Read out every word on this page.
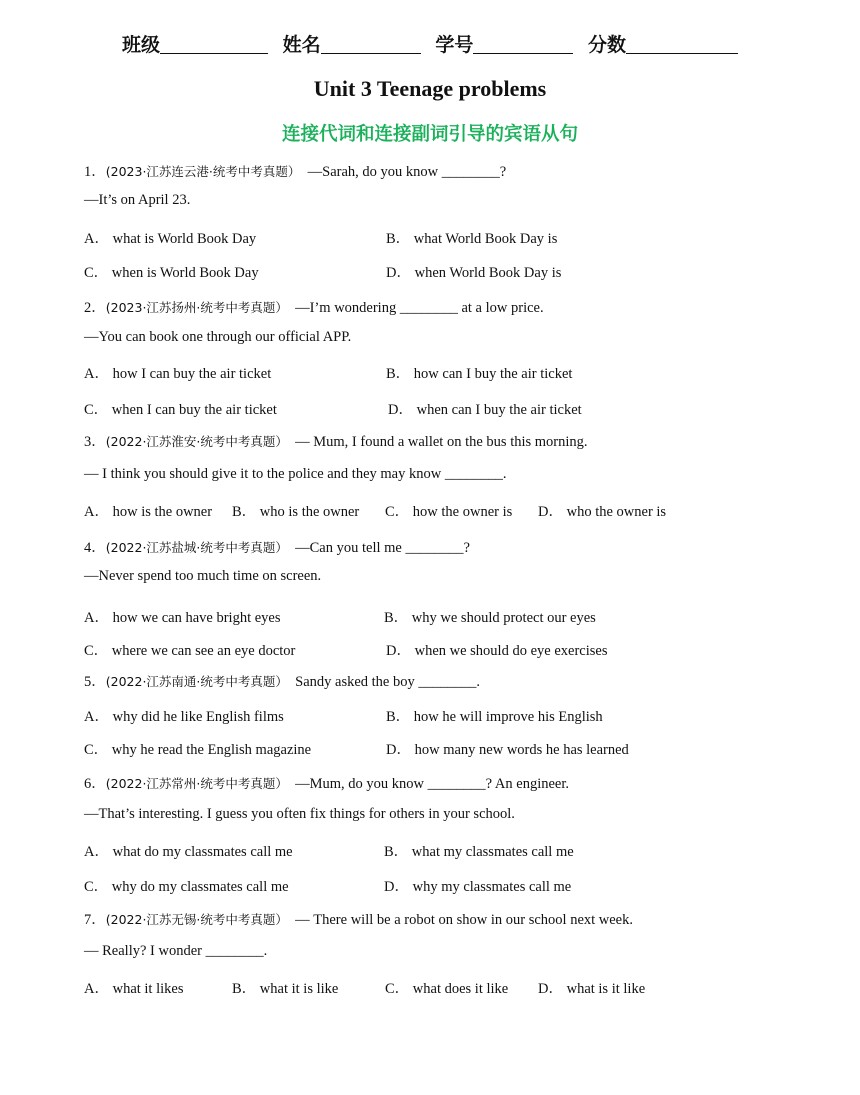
班级	姓名	学号	分数
Unit 3 Teenage problems
连接代词和连接副词引导的宾语从句
1．(2023·江苏连云港·统考中考真题） —Sarah, do you know ________?
—It’s on April 23.
A． what is World Book Day	B． what World Book Day is
C． when is World Book Day	D． when World Book Day is
2．(2023·江苏扬州·统考中考真题） —I’m wondering ________ at a low price.
—You can book one through our official APP.
A． how I can buy the air ticket	B． how can I buy the air ticket
C． when I can buy the air ticket	D． when can I buy the air ticket
3．(2022·江苏淮安·统考中考真题） — Mum, I found a wallet on the bus this morning.
— I think you should give it to the police and they may know ________.
A． how is the owner B． who is the owner C． how the owner is D． who the owner is
4．(2022·江苏盐城·统考中考真题） —Can you tell me ________?
—Never spend too much time on screen.
A． how we can have bright eyes	B． why we should protect our eyes
C． where we can see an eye doctor	D． when we should do eye exercises
5．(2022·江苏南通·统考中考真题） Sandy asked the boy ________.
A． why did he like English films	B． how he will improve his English
C． why he read the English magazine	D． how many new words he has learned
6．(2022·江苏常州·统考中考真题） —Mum, do you know ________? An engineer.
—That’s interesting. I guess you often fix things for others in your school.
A． what do my classmates call me	B． what my classmates call me
C． why do my classmates call me	D． why my classmates call me
7．(2022·江苏无锡·统考中考真题） — There will be a robot on show in our school next week.
— Really? I wonder ________.
A． what it likes	B． what it is like	C． what does it like D． what is it like
